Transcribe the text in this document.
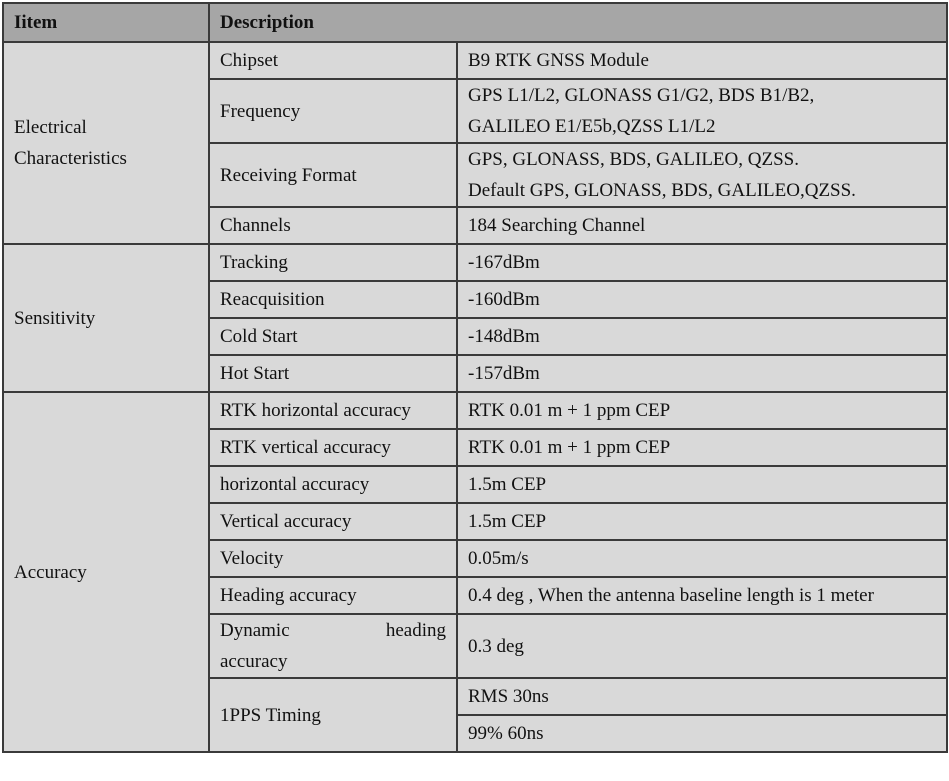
Iitem	Description	

Electrical
Characteristics	Chipset	B9 RTK GNSS Module
	Frequency	GPS L1/L2, GLONASS G1/G2, BDS B1/B2,
GALILEO E1/E5b,QZSS L1/L2

	Receiving Format	GPS, GLONASS, BDS, GALILEO, QZSS.
Default GPS, GLONASS, BDS, GALILEO,QZSS.

	Channels	184 Searching Channel
Sensitivity	Tracking	-167dBm
	Reacquisition	-160dBm
	Cold Start	-148dBm
	Hot Start	-157dBm
Accuracy	RTK horizontal accuracy	RTK 0.01 m + 1 ppm CEP
	RTK vertical accuracy	RTK 0.01 m + 1 ppm CEP
	horizontal accuracy	1.5m CEP
	Vertical accuracy	1.5m CEP
	Velocity	0.05m/s
	Heading accuracy	0.4 deg , When the antenna baseline length is 1 meter

	Dynamic heading
accuracy	0.3 deg
	1PPS Timing	RMS 30ns
		99% 60ns
